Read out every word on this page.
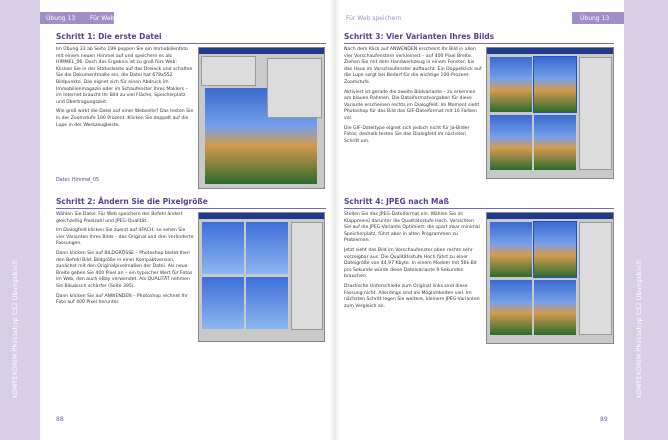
KOMPENDIUM Photoshop CS2 Übungsbuch
Übung 13 Für Web speichern
Schritt 1: Die erste Datei

Im Übung 33 ab Seite 199 peppen Sie ein Immobilienfoto mit einem neuen Himmel auf und speichern es als HIMMEL_06. Doch das Ergebnis ist zu groß fürs Web: Klicken Sie in der Statusleiste auf das Dreieck und schalten Sie die Dokumentmaße ein, die Datei hat 678x552 Bildpunkte. Das eignet sich für einen Abdruck im Immobilienmagazin oder im Schaufenster Ihres Maklers – im Internet braucht Ihr Bild zu viel Fläche, Speicherplatz und Übertragungszeit.

Wie groß wirkt die Datei auf einer Webseite? Das testen Sie in der Zoomstufe 100 Prozent. Klicken Sie doppelt auf die Lupe in der Werkzeugleiste.

Datei: Himmel_05
Schritt 2: Ändern Sie die Pixelgröße

Wählen Sie Datei: Für Web speichern der Befehl ändert gleichzeitig Pixelzahl und JPEG-Qualität.

Im Dialogfeld klicken Sie zuerst auf 4FACH; so sehen Sie vier Varianten Ihres Bilds – das Original und drei veränderte Fassungen.

Dann klicken Sie auf BILDGRÖSSE – Photoshop bietet Ihen den Befehl Bild: Bildgröße in einer Kompaktversion, zunächst mit den Originalpixelmaßen der Datei. Als neue Breite geben Sie 400 Pixel an – ein typischer Wert für Fotos im Web, den auch eBay verwendet. Als QUALITÄT nehmen Sie Bikubisch schärfer (Seite 395).

Dann klicken Sie auf ANWENDEN – Photoshop rechnet Ihr Foto auf 400 Pixel herunter.

88
KOMPENDIUM Photoshop CS2 Übungsbuch
Für Web speichern	Übung 13
Schritt 3: Vier Varianten Ihres Bilds

Nach dem Klick auf ANWENDEN erscheint Ihr Bild in allen vier Vorschaufenstern verkleinert – auf 400 Pixel Breite. Ziehen Sie mit dem Handwerkzeug in einem Fenster, bis das Haus im Vorschaufenster auftaucht. Ein Doppelklick auf die Lupe sorgt bei Bedarf für die wichtige 100-Prozent-Zoomstufe.

Aktiviert ist gerade die zweite Bildvariante – zu erkennen am blauen Rahmen. Die Dateiformatvorgaben für diese Variante erscheinen rechts im Dialogfeld. Im Moment sieht Photoshop für das Bild das GIF-Dateiformat mit 16 Farben vor.

Die GIF-Dateitype eignet sich jedoch nicht für Ja-Bilder Fotos; deshalb testen Sie das Dialogfeld im nächsten Schritt um.

Schritt 4: JPEG nach Maß

Stellen Sie das JPEG-Dateiformat ein. Wählen Sie im Klappmenü darunter die Qualitätsstufe Hoch. Verzichten Sie auf die JPEG-Variante Optimiert; die spart zwar minimal Speicherplatz, führt aber in alten Programmen zu Problemen.

Jetzt sieht das Bild im Vorschaufenster oben rechts sehr vorzeigbar aus. Die Qualitätsstufe Hoch führt zu einer Dateigröße von 44,97 Kbyte. In einem Modem mit 56k-Bit pro Sekunde würde diese Dateivariante 9 Sekunden brauchen.

Drastische Unterschiede zum Original links sind diese Fassung nicht. Allerdings sind als Möglichkeiten viel. Im nächsten Schritt legen Sie weitere, kleinere JPEG-Varianten zum Vergleich an.

89
